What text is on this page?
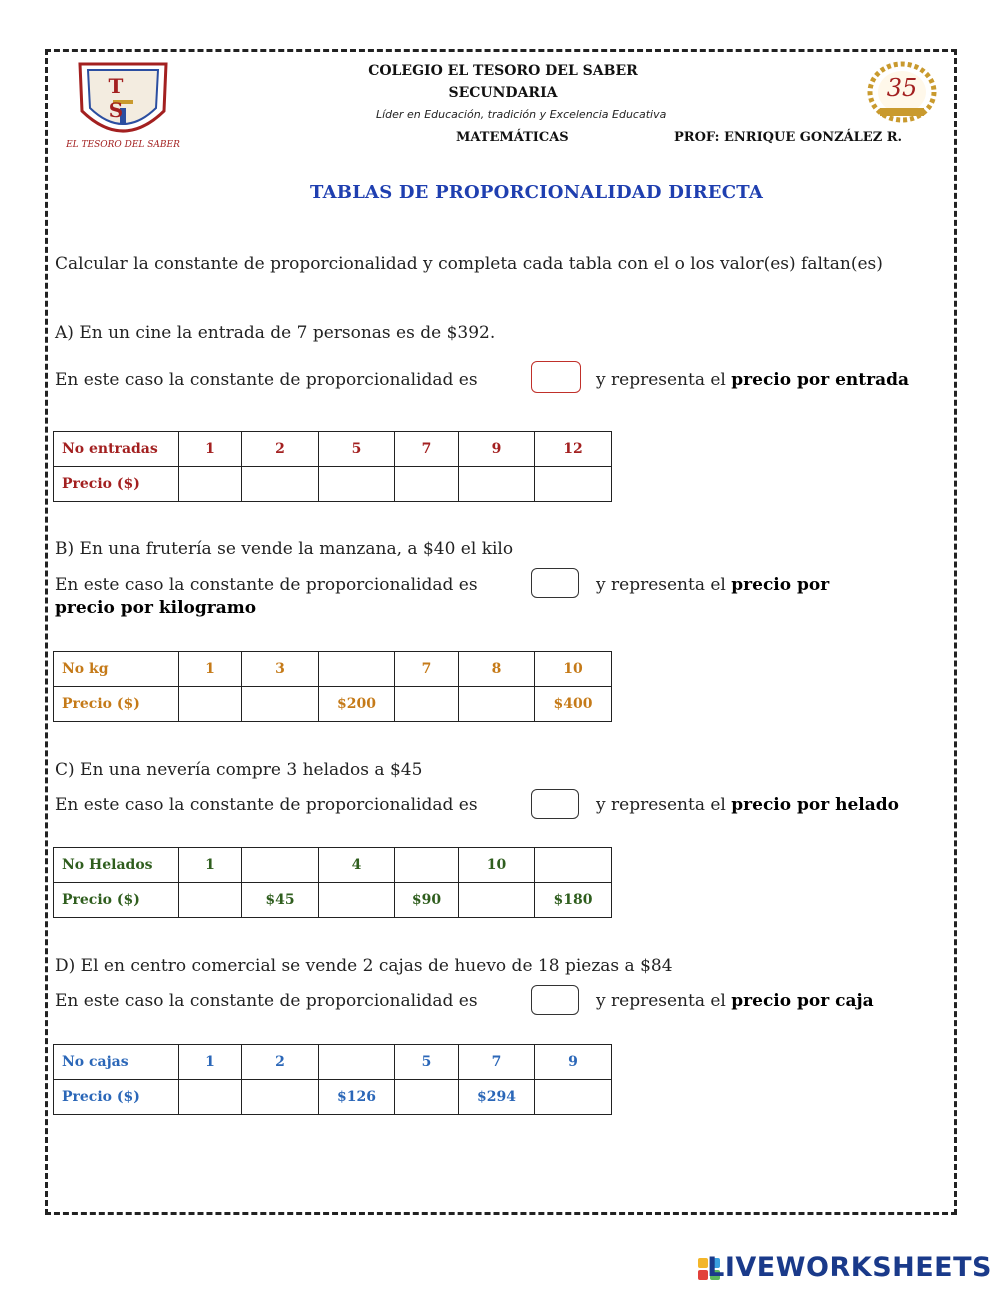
T S
EL TESORO DEL SABER
35
COLEGIO EL TESORO DEL SABER
SECUNDARIA
Líder en Educación, tradición y Excelencia Educativa
MATEMÁTICAS	PROF: ENRIQUE GONZÁLEZ R.
TABLAS DE PROPORCIONALIDAD DIRECTA
Calcular la constante de proporcionalidad y completa cada tabla con el o los valor(es) faltan(es)
A) En un cine la entrada de 7 personas es de $392.
En este caso la constante de proporcionalidad es	y representa el precio por entrada
No entradas	1	2	5	7	9	12
Precio ($)						
B) En una frutería se vende la manzana, a $40 el kilo
En este caso la constante de proporcionalidad es	y representa el precio por
precio por kilogramo
No kg	1	3		7	8	10
Precio ($)			$200			$400
C) En una nevería compre 3 helados a $45
En este caso la constante de proporcionalidad es	y representa el precio por helado
No Helados	1		4		10	
Precio ($)		$45		$90		$180
D) El en centro comercial se vende 2 cajas de huevo de 18 piezas a $84
En este caso la constante de proporcionalidad es	y representa el precio por caja
No cajas	1	2		5	7	9
Precio ($)			$126		$294	
LIVEWORKSHEETS
